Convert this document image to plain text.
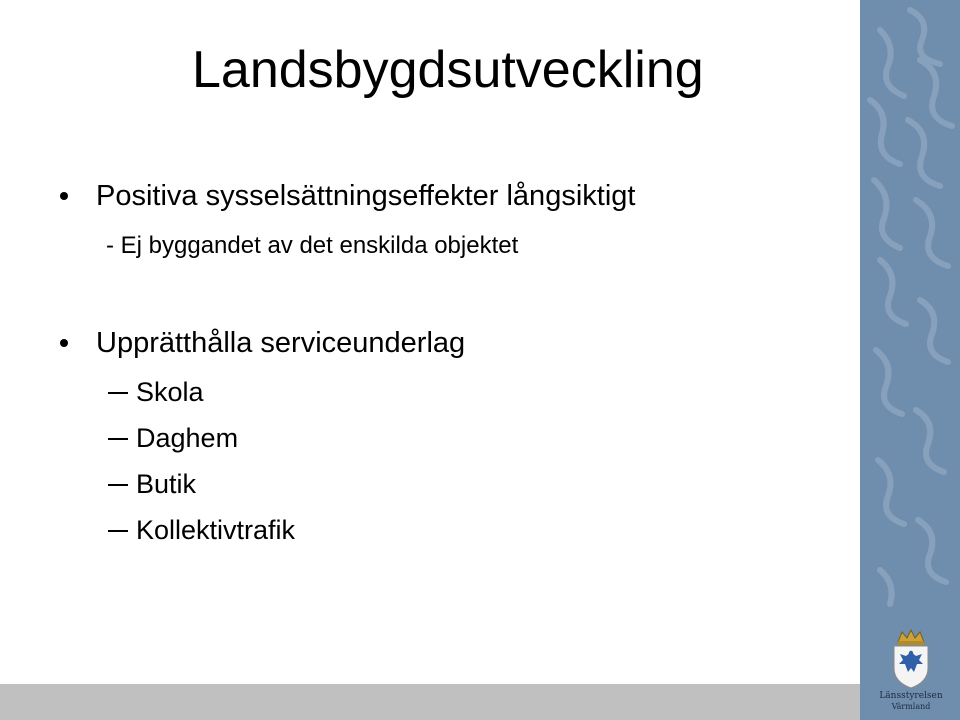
Landsbygdsutveckling
Positiva sysselsättningseffekter långsiktigt
- Ej byggandet av det enskilda objektet
Upprätthålla serviceunderlag
Skola
Daghem
Butik
Kollektivtrafik
Länsstyrelsen
Värmland
